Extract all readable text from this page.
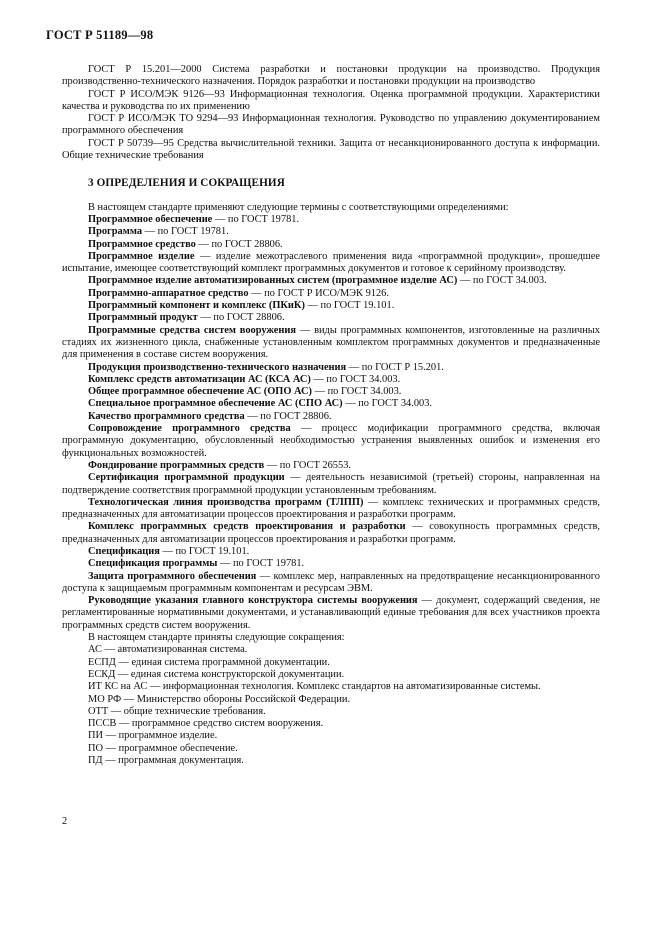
ГОСТ Р 51189—98

ГОСТ Р 15.201—2000 Система разработки и постановки продукции на производство. Продукция производственно-технического назначения. Порядок разработки и постановки продукции на производство

ГОСТ Р ИСО/МЭК 9126—93 Информационная технология. Оценка программной продукции. Характеристики качества и руководства по их применению

ГОСТ Р ИСО/МЭК ТО 9294—93 Информационная технология. Руководство по управлению документированием программного обеспечения

ГОСТ Р 50739—95 Средства вычислительной техники. Защита от несанкционированного доступа к информации. Общие технические требования

3 ОПРЕДЕЛЕНИЯ И СОКРАЩЕНИЯ

В настоящем стандарте применяют следующие термины с соответствующими определениями:

Программное обеспечение — по ГОСТ 19781.

Программа — по ГОСТ 19781.

Программное средство — по ГОСТ 28806.

Программное изделие — изделие межотраслевого применения вида «программной продукции», прошедшее испытание, имеющее соответствующий комплект программных документов и готовое к серийному производству.

Программное изделие автоматизированных систем (программное изделие АС) — по ГОСТ 34.003.

Программно-аппаратное средство — по ГОСТ Р ИСО/МЭК 9126.

Программный компонент и комплекс (ПКиК) — по ГОСТ 19.101.

Программный продукт — по ГОСТ 28806.

Программные средства систем вооружения — виды программных компонентов, изготовленные на различных стадиях их жизненного цикла, снабженные установленным комплектом программных документов и предназначенные для применения в составе систем вооружения.

Продукция производственно-технического назначения — по ГОСТ Р 15.201.

Комплекс средств автоматизации АС (КСА АС) — по ГОСТ 34.003.

Общее программное обеспечение АС (ОПО АС) — по ГОСТ 34.003.

Специальное программное обеспечение АС (СПО АС) — по ГОСТ 34.003.

Качество программного средства — по ГОСТ 28806.

Сопровождение программного средства — процесс модификации программного средства, включая программную документацию, обусловленный необходимостью устранения выявленных ошибок и изменения его функциональных возможностей.

Фондирование программных средств — по ГОСТ 26553.

Сертификация программной продукции — деятельность независимой (третьей) стороны, направленная на подтверждение соответствия программной продукции установленным требованиям.

Технологическая линия производства программ (ТЛПП) — комплекс технических и программных средств, предназначенных для автоматизации процессов проектирования и разработки программ.

Комплекс программных средств проектирования и разработки — совокупность программных средств, предназначенных для автоматизации процессов проектирования и разработки программ.

Спецификация — по ГОСТ 19.101.

Спецификация программы — по ГОСТ 19781.

Защита программного обеспечения — комплекс мер, направленных на предотвращение несанкционированного доступа к защищаемым программным компонентам и ресурсам ЭВМ.

Руководящие указания главного конструктора системы вооружения — документ, содержащий сведения, не регламентированные нормативными документами, и устанавливающий единые требования для всех участников проекта программных средств систем вооружения.

В настоящем стандарте приняты следующие сокращения:

АС — автоматизированная система.

ЕСПД — единая система программной документации.

ЕСКД — единая система конструкторской документации.

ИТ КС на АС — информационная технология. Комплекс стандартов на автоматизированные системы.

МО РФ — Министерство обороны Российской Федерации.

ОТТ — общие технические требования.

ПССВ — программное средство систем вооружения.

ПИ — программное изделие.

ПО — программное обеспечение.

ПД — программная документация.

2
